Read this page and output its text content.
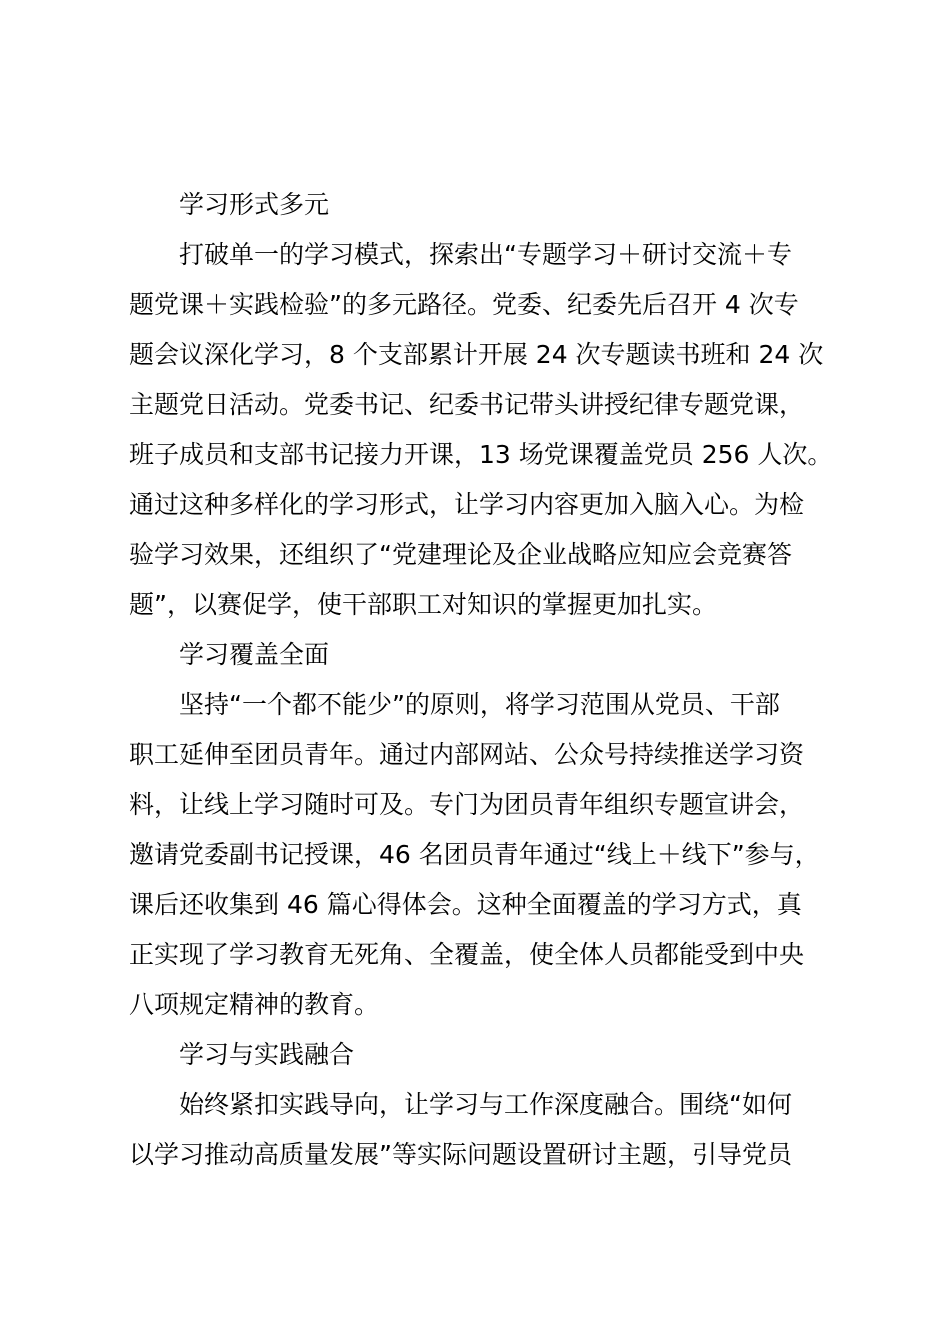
学习形式多元
打破单一的学习模式，探索出“专题学习＋研讨交流＋专
题党课＋实践检验”的多元路径。党委、纪委先后召开 4 次专
题会议深化学习，8 个支部累计开展 24 次专题读书班和 24 次
主题党日活动。党委书记、纪委书记带头讲授纪律专题党课，
班子成员和支部书记接力开课，13 场党课覆盖党员 256 人次。
通过这种多样化的学习形式，让学习内容更加入脑入心。为检
验学习效果，还组织了“党建理论及企业战略应知应会竞赛答
题”，以赛促学，使干部职工对知识的掌握更加扎实。
学习覆盖全面
坚持“一个都不能少”的原则，将学习范围从党员、干部
职工延伸至团员青年。通过内部网站、公众号持续推送学习资
料，让线上学习随时可及。专门为团员青年组织专题宣讲会，
邀请党委副书记授课，46 名团员青年通过“线上＋线下”参与，
课后还收集到 46 篇心得体会。这种全面覆盖的学习方式，真
正实现了学习教育无死角、全覆盖，使全体人员都能受到中央
八项规定精神的教育。
学习与实践融合
始终紧扣实践导向，让学习与工作深度融合。围绕“如何
以学习推动高质量发展”等实际问题设置研讨主题，引导党员
